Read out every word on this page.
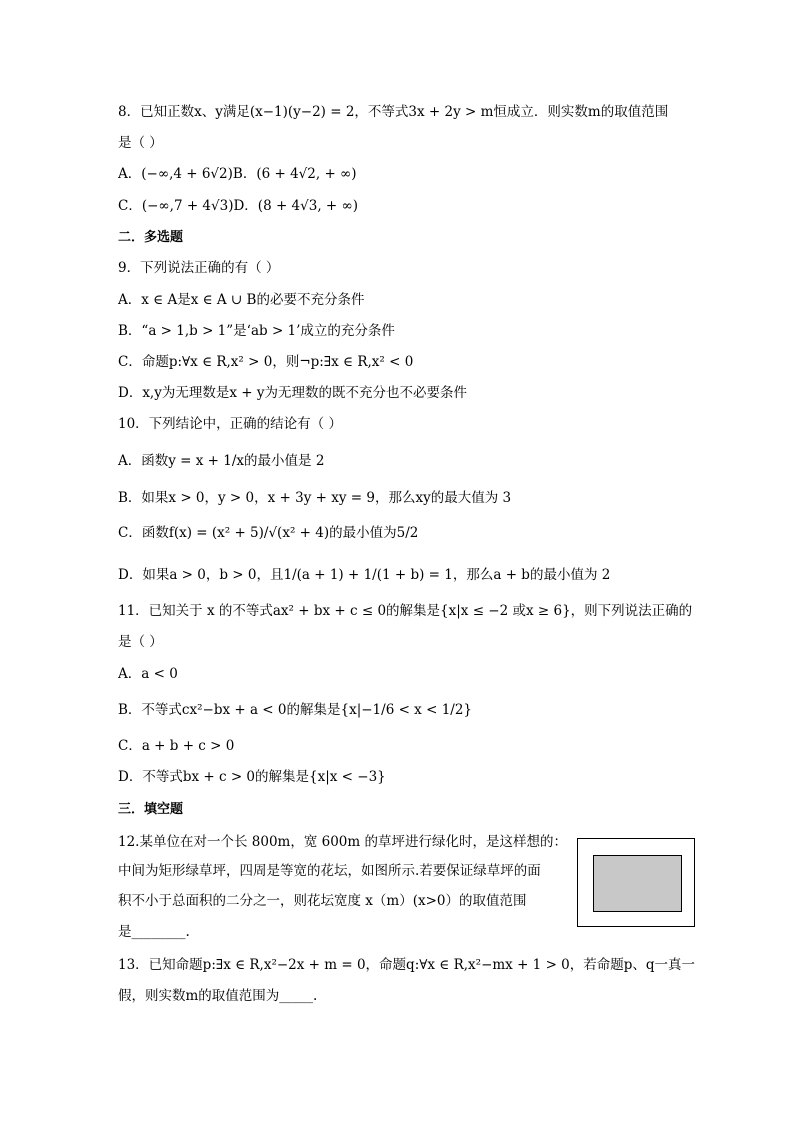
8．已知正数x、y满足(x−1)(y−2) = 2，不等式3x + 2y > m恒成立．则实数m的取值范围
是（ ）
A．(−∞,4 + 6√2)B．(6 + 4√2, + ∞)
C．(−∞,7 + 4√3)D．(8 + 4√3, + ∞)
二．多选题
9．下列说法正确的有（ ）
A．x ∈ A是x ∈ A ∪ B的必要不充分条件
B．“a > 1,b > 1”是‘ab > 1’成立的充分条件
C．命题p:∀x ∈ R,x² > 0，则¬p:∃x ∈ R,x² < 0
D．x,y为无理数是x + y为无理数的既不充分也不必要条件
10．下列结论中，正确的结论有（ ）
A．函数y = x + 1/x的最小值是 2
B．如果x > 0，y > 0，x + 3y + xy = 9，那么xy的最大值为 3
C．函数f(x) = (x² + 5)/√(x² + 4)的最小值为5/2
D．如果a > 0，b > 0，且1/(a + 1) + 1/(1 + b) = 1，那么a + b的最小值为 2
11．已知关于 x 的不等式ax² + bx + c ≤ 0的解集是{x|x ≤ −2 或x ≥ 6}，则下列说法正确的
是（ ）
A．a < 0
B．不等式cx²−bx + a < 0的解集是{x|−1/6 < x < 1/2}
C．a + b + c > 0
D．不等式bx + c > 0的解集是{x|x < −3}
三．填空题
12.某单位在对一个长 800m，宽 600m 的草坪进行绿化时，是这样想的：
中间为矩形绿草坪，四周是等宽的花坛，如图所示.若要保证绿草坪的面
积不小于总面积的二分之一，则花坛宽度 x（m）(x>0）的取值范围
是________.
13．已知命题p:∃x ∈ R,x²−2x + m = 0，命题q:∀x ∈ R,x²−mx + 1 > 0，若命题p、q一真一
假，则实数m的取值范围为_____.
